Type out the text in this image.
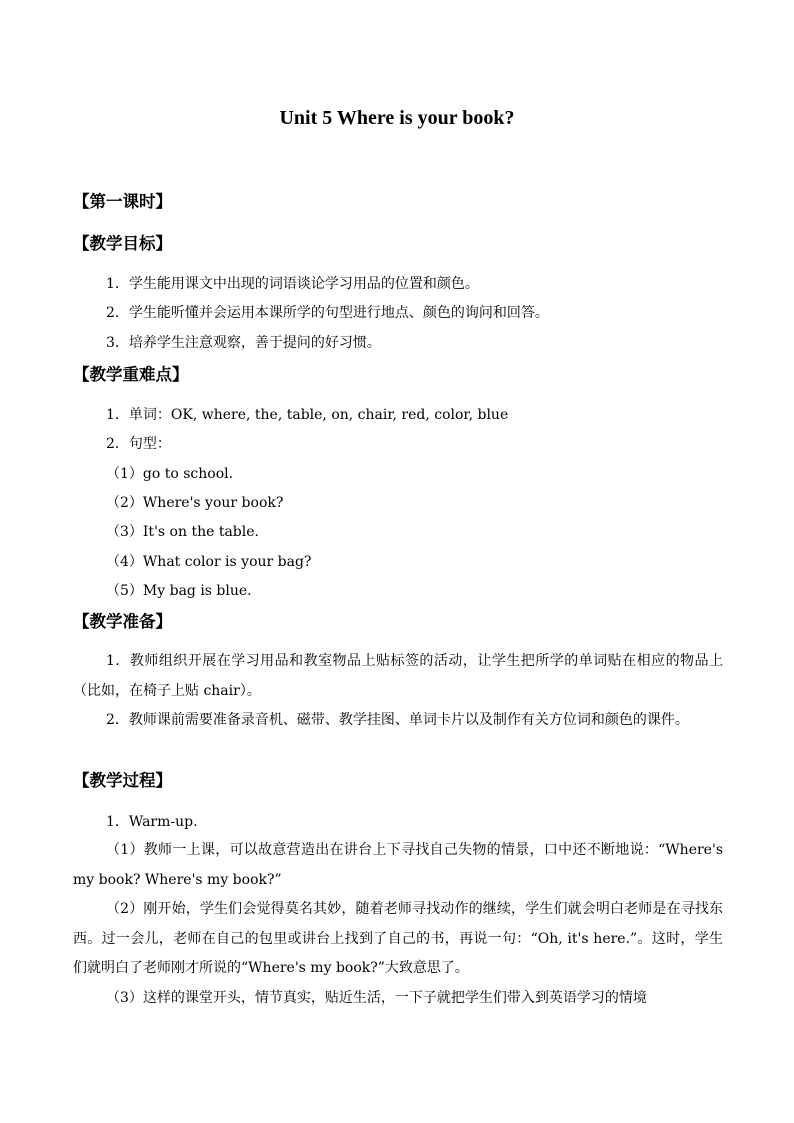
Unit 5 Where is your book?
【第一课时】
【教学目标】
1．学生能用课文中出现的词语谈论学习用品的位置和颜色。
2．学生能听懂并会运用本课所学的句型进行地点、颜色的询问和回答。
3．培养学生注意观察，善于提问的好习惯。
【教学重难点】
1．单词：OK, where, the, table, on, chair, red, color, blue
2．句型：
（1）go to school.
（2）Where's your book?
（3）It's on the table.
（4）What color is your bag?
（5）My bag is blue.
【教学准备】

1．教师组织开展在学习用品和教室物品上贴标签的活动，让学生把所学的单词贴在相应的物品上（比如，在椅子上贴 chair）。

2．教师课前需要准备录音机、磁带、教学挂图、单词卡片以及制作有关方位词和颜色的课件。

【教学过程】
1．Warm-up.

（1）教师一上课，可以故意营造出在讲台上下寻找自己失物的情景，口中还不断地说：“Where's my book? Where's my book?”

（2）刚开始，学生们会觉得莫名其妙，随着老师寻找动作的继续，学生们就会明白老师是在寻找东西。过一会儿，老师在自己的包里或讲台上找到了自己的书，再说一句：“Oh, it's here.”。这时，学生们就明白了老师刚才所说的“Where's my book?”大致意思了。

（3）这样的课堂开头，情节真实，贴近生活，一下子就把学生们带入到英语学习的情境
